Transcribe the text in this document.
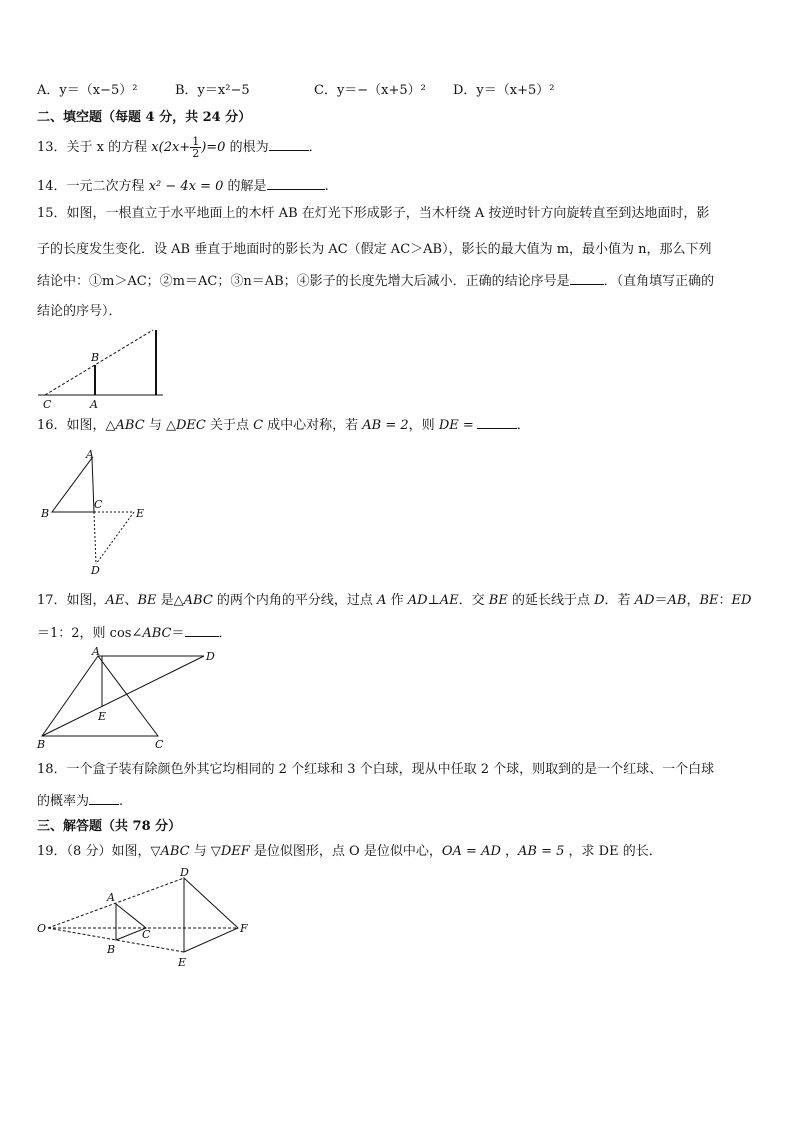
A．y＝（x−5）²	B．y＝x²−5	C．y＝−（x+5）² D．y＝（x+5）²
二、填空题（每题 4 分，共 24 分）
13．关于 x 的方程 $x(2x+ \frac{1}{2} )=0$ 的根为	．
14．一元二次方程 x² − 4x = 0 的解是	.
15．如图，一根直立于水平地面上的木杆 AB 在灯光下形成影子，当木杆绕 A 按逆时针方向旋转直至到达地面时，影
子的长度发生变化．设 AB 垂直于地面时的影长为 AC（假定 AC＞AB），影长的最大值为 m，最小值为 n，那么下列
结论中：①m＞AC；②m＝AC；③n＝AB；④影子的长度先增大后减小．正确的结论序号是	．（直角填写正确的
结论的序号）．
B
C	A
16．如图，△ABC 与 △DEC 关于点 C 成中心对称，若 AB = 2，则 DE =	．
A
B
C
E
D
17．如图，AE、BE 是△ABC 的两个内角的平分线，过点 A 作 AD⊥AE．交 BE 的延长线于点 D．若 AD＝AB，BE：ED
＝1：2，则 cos∠ABC＝	．
A	D
E
B	C
18．一个盒子装有除颜色外其它均相同的 2 个红球和 3 个白球，现从中任取 2 个球，则取到的是一个红球、一个白球
的概率为 .
三、解答题（共 78 分）
19．（8 分）如图，▽ABC 与 ▽DEF 是位似图形，点 O 是位似中心，OA = AD ，AB = 5 ，求 DE 的长．
O
A
B
C
D
E
F
